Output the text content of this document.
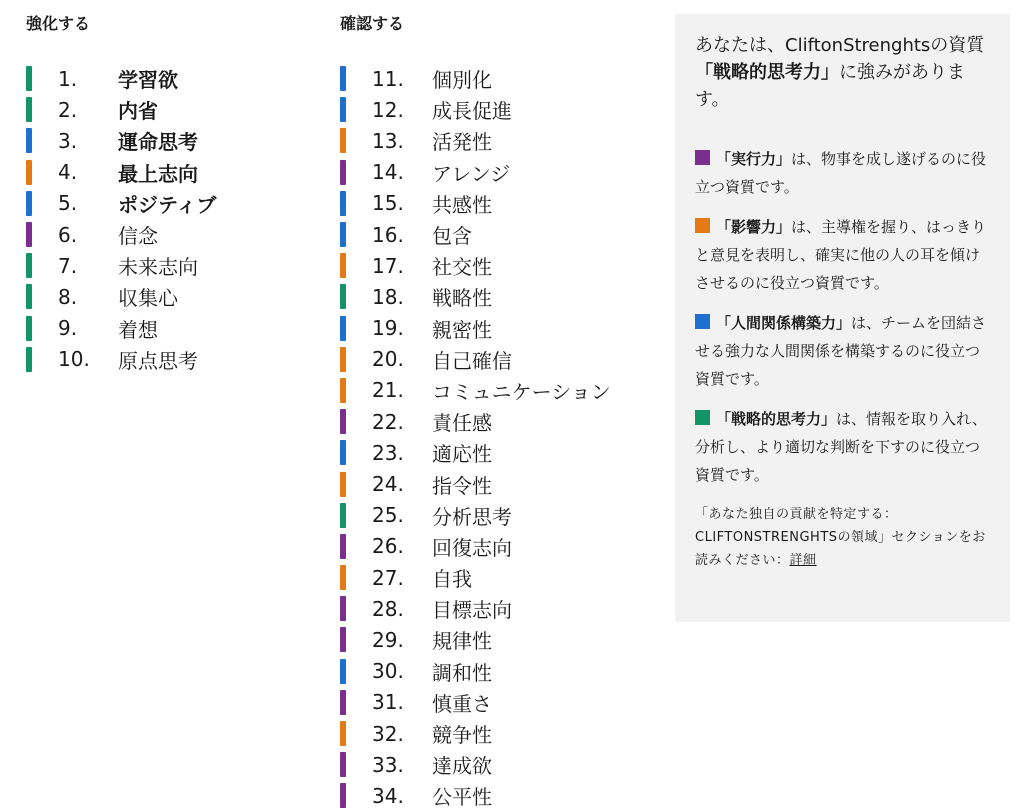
強化する
1.	学習欲
2.	内省
3.	運命思考
4.	最上志向
5.	ポジティブ
6.	信念
7.	未来志向
8.	収集心
9.	着想
10.	原点思考
確認する
11.	個別化
12.	成長促進
13.	活発性
14.	アレンジ
15.	共感性
16.	包含
17.	社交性
18.	戦略性
19.	親密性
20.	自己確信
21.	コミュニケーション
22.	責任感
23.	適応性
24.	指令性
25.	分析思考
26.	回復志向
27.	自我
28.	目標志向
29.	規律性
30.	調和性
31.	慎重さ
32.	競争性
33.	達成欲
34.	公平性

あなたは、CliftonStrenghtsの資質
「戦略的思考力」に強みがあります。

「実行力」は、物事を成し遂げるのに役立つ資質です。

「影響力」は、主導権を握り、はっきりと意見を表明し、確実に他の人の耳を傾けさせるのに役立つ資質です。

「人間関係構築力」は、チームを団結させる強力な人間関係を構築するのに役立つ資質です。

「戦略的思考力」は、情報を取り入れ、分析し、より適切な判断を下すのに役立つ資質です。

「あなた独自の貢献を特定する：CLIFTONSTRENGHTSの領域」セクションをお読みください：詳細
